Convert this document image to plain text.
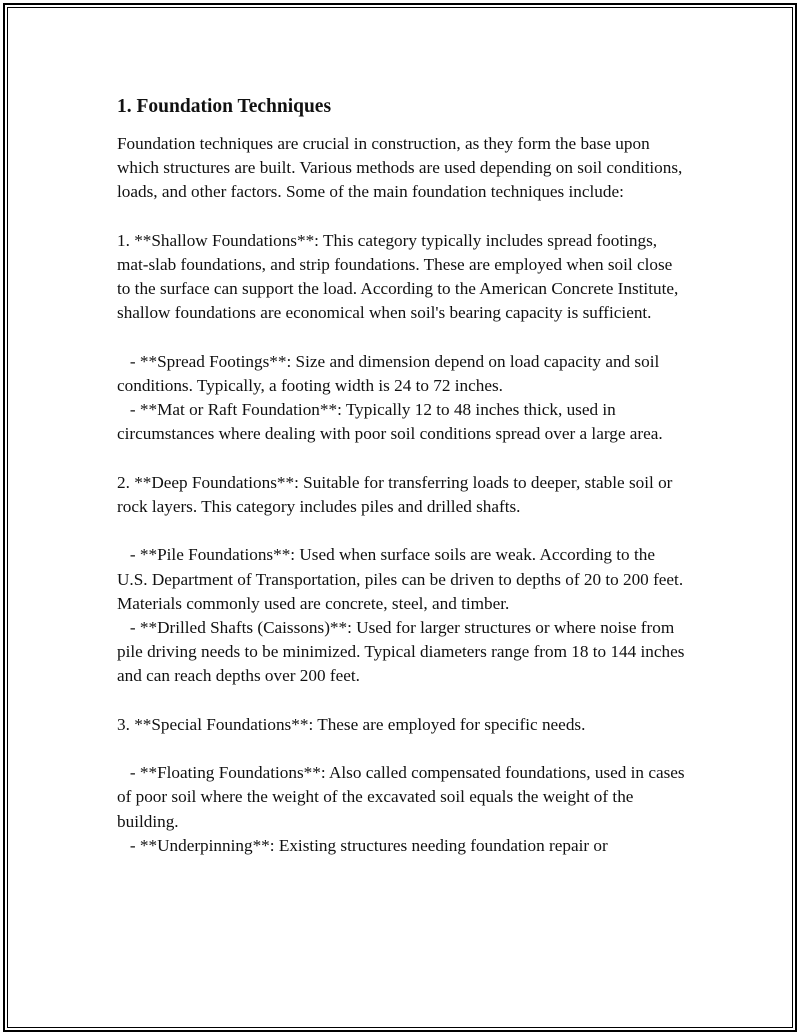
1. Foundation Techniques
Foundation techniques are crucial in construction, as they form the base upon which structures are built. Various methods are used depending on soil conditions, loads, and other factors. Some of the main foundation techniques include:
1. **Shallow Foundations**: This category typically includes spread footings, mat-slab foundations, and strip foundations. These are employed when soil close to the surface can support the load. According to the American Concrete Institute, shallow foundations are economical when soil's bearing capacity is sufficient.
- **Spread Footings**: Size and dimension depend on load capacity and soil conditions. Typically, a footing width is 24 to 72 inches.
- **Mat or Raft Foundation**: Typically 12 to 48 inches thick, used in circumstances where dealing with poor soil conditions spread over a large area.
2. **Deep Foundations**: Suitable for transferring loads to deeper, stable soil or rock layers. This category includes piles and drilled shafts.
- **Pile Foundations**: Used when surface soils are weak. According to the U.S. Department of Transportation, piles can be driven to depths of 20 to 200 feet. Materials commonly used are concrete, steel, and timber.
- **Drilled Shafts (Caissons)**: Used for larger structures or where noise from pile driving needs to be minimized. Typical diameters range from 18 to 144 inches and can reach depths over 200 feet.
3. **Special Foundations**: These are employed for specific needs.
- **Floating Foundations**: Also called compensated foundations, used in cases of poor soil where the weight of the excavated soil equals the weight of the building.
- **Underpinning**: Existing structures needing foundation repair or
